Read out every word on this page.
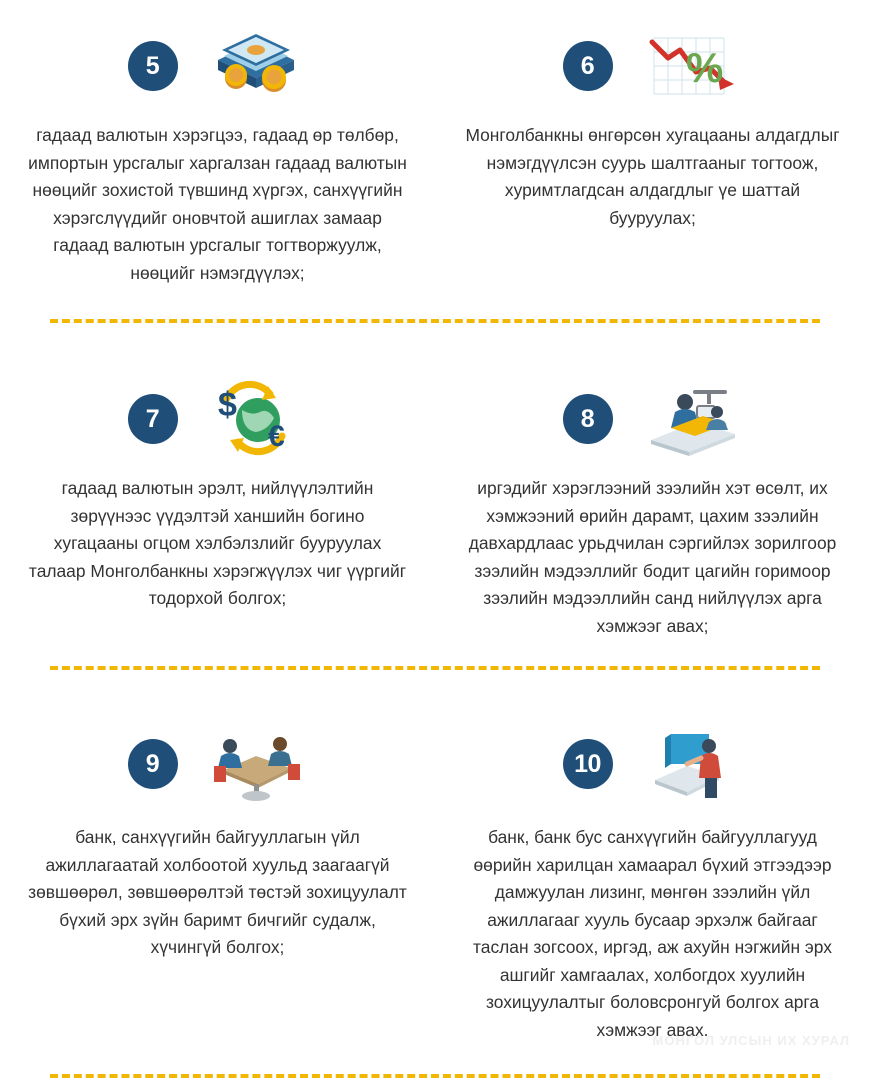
5
гадаад валютын хэрэгцээ, гадаад өр төлбөр, импортын урсгалыг харгалзан гадаад валютын нөөцийг зохистой түвшинд хүргэх, санхүүгийн хэрэгслүүдийг оновчтой ашиглах замаар гадаад валютын урсгалыг тогтворжуулж, нөөцийг нэмэгдүүлэх;
6	%
Монголбанкны өнгөрсөн хугацааны алдагдлыг нэмэгдүүлсэн суурь шалтгааныг тогтоож, хуримтлагдсан алдагдлыг үе шаттай бууруулах;
7	$
€
гадаад валютын эрэлт, нийлүүлэлтийн зөрүүнээс үүдэлтэй ханшийн богино хугацааны огцом хэлбэлзлийг бууруулах талаар Монголбанкны хэрэгжүүлэх чиг үүргийг тодорхой болгох;
8
иргэдийг хэрэглээний зээлийн хэт өсөлт, их хэмжээний өрийн дарамт, цахим зээлийн давхардлаас урьдчилан сэргийлэх зорилгоор зээлийн мэдээллийг бодит цагийн горимоор зээлийн мэдээллийн санд нийлүүлэх арга хэмжээг авах;
9
банк, санхүүгийн байгууллагын үйл ажиллагаатай холбоотой хуульд заагаагүй зөвшөөрөл, зөвшөөрөлтэй төстэй зохицуулалт бүхий эрх зүйн баримт бичгийг судалж, хүчингүй болгох;
10
банк, банк бус санхүүгийн байгууллагууд өөрийн харилцан хамаарал бүхий этгээдээр дамжуулан лизинг, мөнгөн зээлийн үйл ажиллагааг хууль бусаар эрхэлж байгааг таслан зогсоох, иргэд, аж ахуйн нэгжийн эрх ашгийг хамгаалах, холбогдох хуулийн зохицуулалтыг боловсронгуй болгох арга хэмжээг авах.
МОНГОЛ УЛСЫН ИХ ХУРАЛ
